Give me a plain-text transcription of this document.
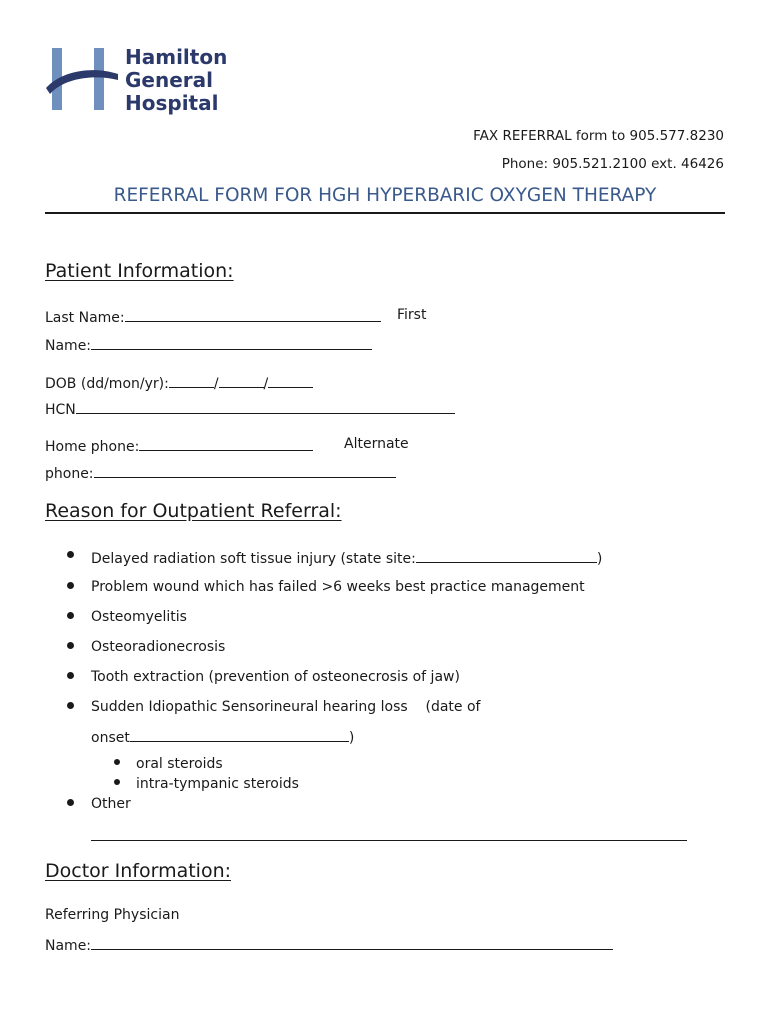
Hamilton
General
Hospital
FAX REFERRAL form to 905.577.8230
Phone: 905.521.2100 ext. 46426
REFERRAL FORM FOR HGH HYPERBARIC OXYGEN THERAPY
Patient Information:
Last Name:	First
Name:
DOB (dd/mon/yr):	/	/
HCN
Home phone:	Alternate
phone:
Reason for Outpatient Referral:
Delayed radiation soft tissue injury (state site:	)
Problem wound which has failed >6 weeks best practice management
Osteomyelitis
Osteoradionecrosis
Tooth extraction (prevention of osteonecrosis of jaw)
Sudden Idiopathic Sensorineural hearing loss    (date of
onset	)
oral steroids
intra-tympanic steroids
Other
Doctor Information:
Referring Physician
Name:
